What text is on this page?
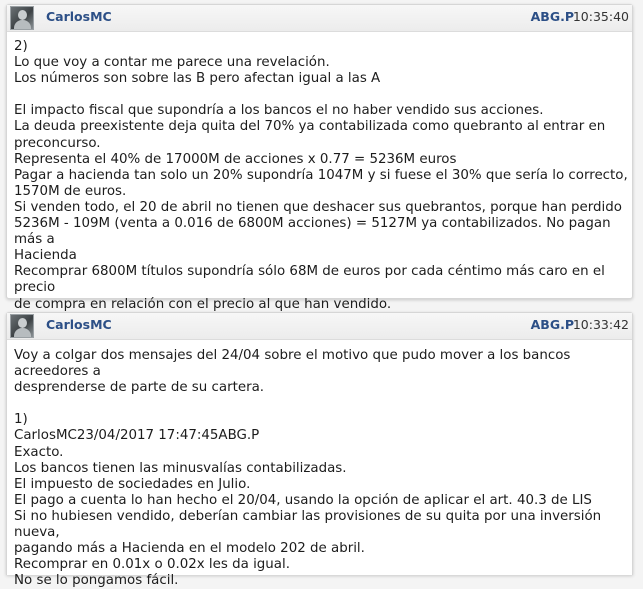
CarlosMC	ABG.P
10:35:40
2)
Lo que voy a contar me parece una revelación.
Los números son sobre las B pero afectan igual a las A

El impacto fiscal que supondría a los bancos el no haber vendido sus acciones.
La deuda preexistente deja quita del 70% ya contabilizada como quebranto al entrar en
preconcurso.
Representa el 40% de 17000M de acciones x 0.77 = 5236M euros
Pagar a hacienda tan solo un 20% supondría 1047M y si fuese el 30% que sería lo correcto,
1570M de euros.
Si venden todo, el 20 de abril no tienen que deshacer sus quebrantos, porque han perdido
5236M - 109M (venta a 0.016 de 6800M acciones) = 5127M ya contabilizados. No pagan más a
Hacienda
Recomprar 6800M títulos supondría sólo 68M de euros por cada céntimo más caro en el precio
de compra en relación con el precio al que han vendido.
CarlosMC	ABG.P
10:33:42
Voy a colgar dos mensajes del 24/04 sobre el motivo que pudo mover a los bancos acreedores a
desprenderse de parte de su cartera.

1)
CarlosMC23/04/2017 17:47:45ABG.P
Exacto.
Los bancos tienen las minusvalías contabilizadas.
El impuesto de sociedades en Julio.
El pago a cuenta lo han hecho el 20/04, usando la opción de aplicar el art. 40.3 de LIS
Si no hubiesen vendido, deberían cambiar las provisiones de su quita por una inversión nueva,
pagando más a Hacienda en el modelo 202 de abril.
Recomprar en 0.01x o 0.02x les da igual.
No se lo pongamos fácil.
